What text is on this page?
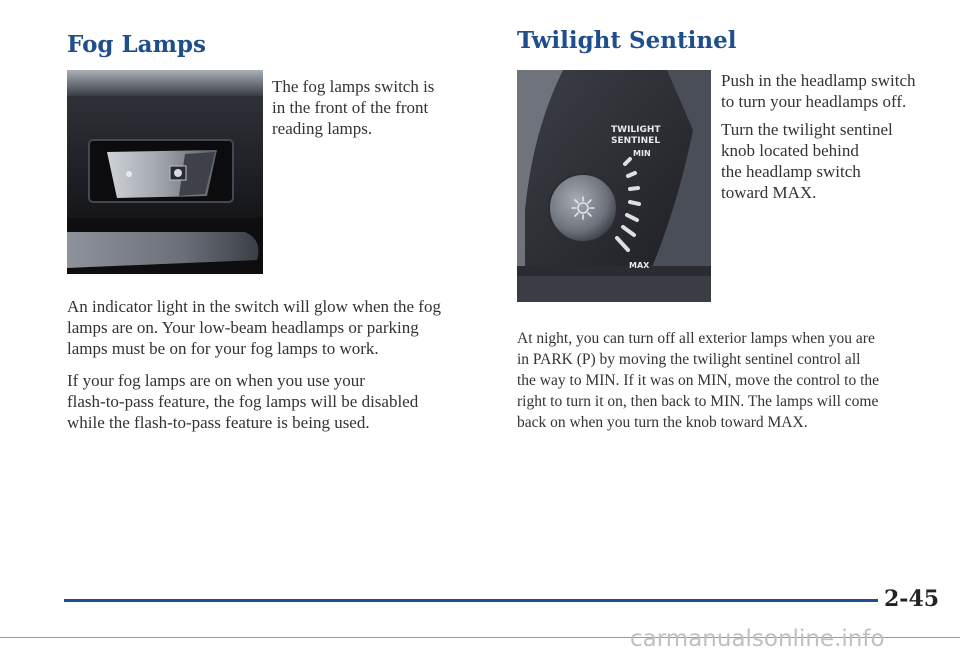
Fog Lamps

The fog lamps switch is

in the front of the front

reading lamps.

An indicator light in the switch will glow when the fog

lamps are on. Your low-beam headlamps or parking

lamps must be on for your fog lamps to work.

If your fog lamps are on when you use your

flash-to-pass feature, the fog lamps will be disabled

while the flash-to-pass feature is being used.

Twilight Sentinel
TWILIGHT
SENTINEL
MIN
MAX

Push in the headlamp switch

to turn your headlamps off.

Turn the twilight sentinel

knob located behind

the headlamp switch

toward MAX.

At night, you can turn off all exterior lamps when you are

in PARK (P) by moving the twilight sentinel control all

the way to MIN. If it was on MIN, move the control to the

right to turn it on, then back to MIN. The lamps will come

back on when you turn the knob toward MAX.

2-45
carmanualsonline.info
